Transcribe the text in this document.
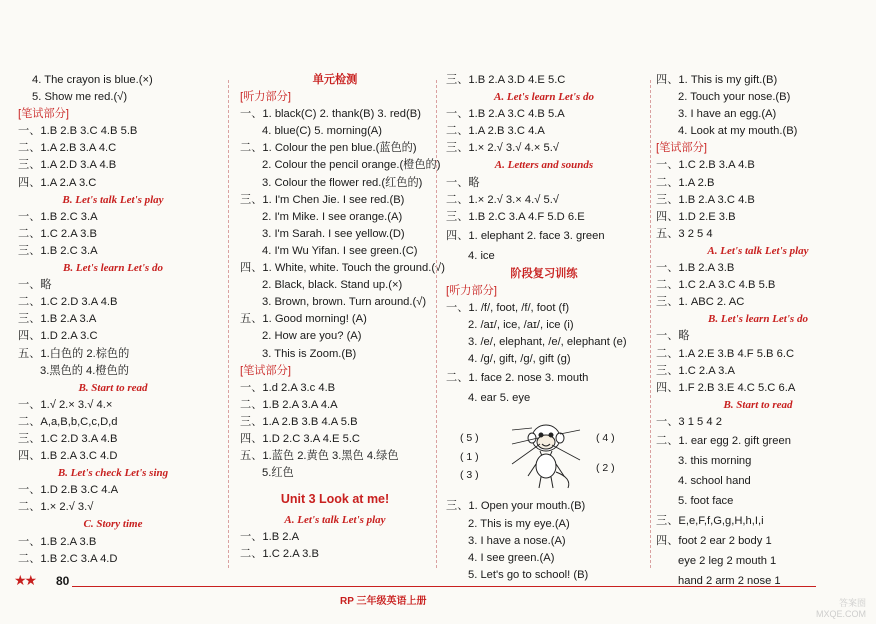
4. The crayon is blue.(×)
5. Show me red.(√)
[笔试部分]
一、1.B 2.B 3.C 4.B 5.B
二、1.A 2.B 3.A 4.C
三、1.A 2.D 3.A 4.B
四、1.A 2.A 3.C
B. Let's talk Let's play
一、1.B 2.C 3.A
二、1.C 2.A 3.B
三、1.B 2.C 3.A
B. Let's learn Let's do
一、略
二、1.C 2.D 3.A 4.B
三、1.B 2.A 3.A
四、1.D 2.A 3.C
五、1.白色的 2.棕色的
3.黑色的 4.橙色的
B. Start to read
一、1.√ 2.× 3.√ 4.×
二、A,a,B,b,C,c,D,d
三、1.C 2.D 3.A 4.B
四、1.B 2.A 3.C 4.D
B. Let's check Let's sing
一、1.D 2.B 3.C 4.A
二、1.× 2.√ 3.√
C. Story time
一、1.B 2.A 3.B
二、1.B 2.C 3.A 4.D
单元检测
[听力部分]
一、1. black(C) 2. thank(B) 3. red(B)
4. blue(C) 5. morning(A)
二、1. Colour the pen blue.(蓝色的)
2. Colour the pencil orange.(橙色的)
3. Colour the flower red.(红色的)
三、1. I'm Chen Jie. I see red.(B)
2. I'm Mike. I see orange.(A)
3. I'm Sarah. I see yellow.(D)
4. I'm Wu Yifan. I see green.(C)
四、1. White, white. Touch the ground.(√)
2. Black, black. Stand up.(×)
3. Brown, brown. Turn around.(√)
五、1. Good morning! (A)
2. How are you? (A)
3. This is Zoom.(B)
[笔试部分]
一、1.d 2.A 3.c 4.B
二、1.B 2.A 3.A 4.A
三、1.A 2.B 3.B 4.A 5.B
四、1.D 2.C 3.A 4.E 5.C
五、1.蓝色 2.黄色 3.黑色 4.绿色
5.红色
Unit 3 Look at me!
A. Let's talk Let's play
一、1.B 2.A
二、1.C 2.A 3.B
三、1.B 2.A 3.D 4.E 5.C
A. Let's learn Let's do
一、1.B 2.A 3.C 4.B 5.A
二、1.A 2.B 3.C 4.A
三、1.× 2.√ 3.√ 4.× 5.√
A. Letters and sounds
一、略
二、1.× 2.√ 3.× 4.√ 5.√
三、1.B 2.C 3.A 4.F 5.D 6.E
四、1. elephant 2. face 3. green
4. ice
阶段复习训练
[听力部分]
一、1. /f/, foot, /f/, foot (f)
2. /aɪ/, ice, /aɪ/, ice (i)
3. /e/, elephant, /e/, elephant (e)
4. /g/, gift, /g/, gift (g)
二、1. face 2. nose 3. mouth
4. ear 5. eye
三、1. Open your mouth.(B)
2. This is my eye.(A)
3. I have a nose.(A)
4. I see green.(A)
5. Let's go to school! (B)
四、1. This is my gift.(B)
2. Touch your nose.(B)
3. I have an egg.(A)
4. Look at my mouth.(B)
[笔试部分]
一、1.C 2.B 3.A 4.B
二、1.A 2.B
三、1.B 2.A 3.C 4.B
四、1.D 2.E 3.B
五、3 2 5 4
A. Let's talk Let's play
一、1.B 2.A 3.B
二、1.C 2.A 3.C 4.B 5.B
三、1. ABC 2. AC
B. Let's learn Let's do
一、略
二、1.A 2.E 3.B 4.F 5.B 6.C
三、1.C 2.A 3.A
四、1.F 2.B 3.E 4.C 5.C 6.A
B. Start to read
一、3 1 5 4 2
二、1. ear egg 2. gift green
3. this morning
4. school hand
5. foot face
三、E,e,F,f,G,g,H,h,I,i
四、foot 2 ear 2 body 1
eye 2 leg 2 mouth 1
hand 2 arm 2 nose 1
( 5 )	( 4 )
( 1 )
( 2 )
( 3 )
★★ 80
RP 三年级英语上册	答案圈 MXQE.COM
